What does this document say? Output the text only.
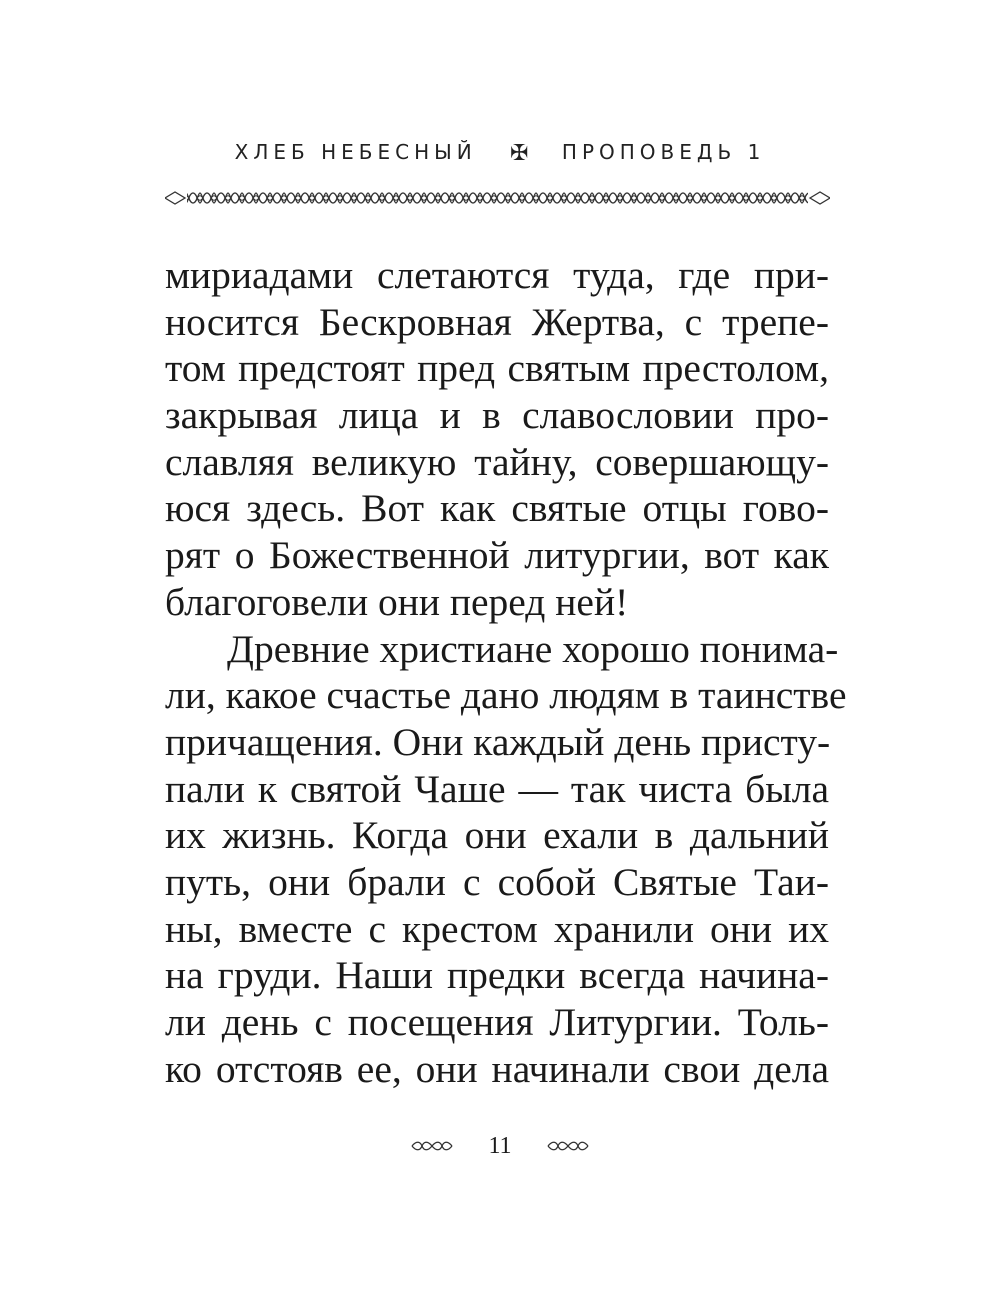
ХЛЕБ НЕБЕСНЫЙ ✠ ПРОПОВЕДЬ 1
мириадами слетаются туда, где при-
носится Бескровная Жертва, с трепе-
том предстоят пред святым престолом,
закрывая лица и в славословии про-
славляя великую тайну, совершающу-
юся здесь. Вот как святые отцы гово-
рят о Божественной литургии, вот как
благоговели они перед ней!
Древние христиане хорошо понима-
ли, какое счастье дано людям в таинстве
причащения. Они каждый день присту-
пали к святой Чаше — так чиста была
их жизнь. Когда они ехали в дальний
путь, они брали с собой Святые Таи-
ны, вместе с крестом хранили они их
на груди. Наши предки всегда начина-
ли день с посещения Литургии. Толь-
ко отстояв ее, они начинали свои дела
11
